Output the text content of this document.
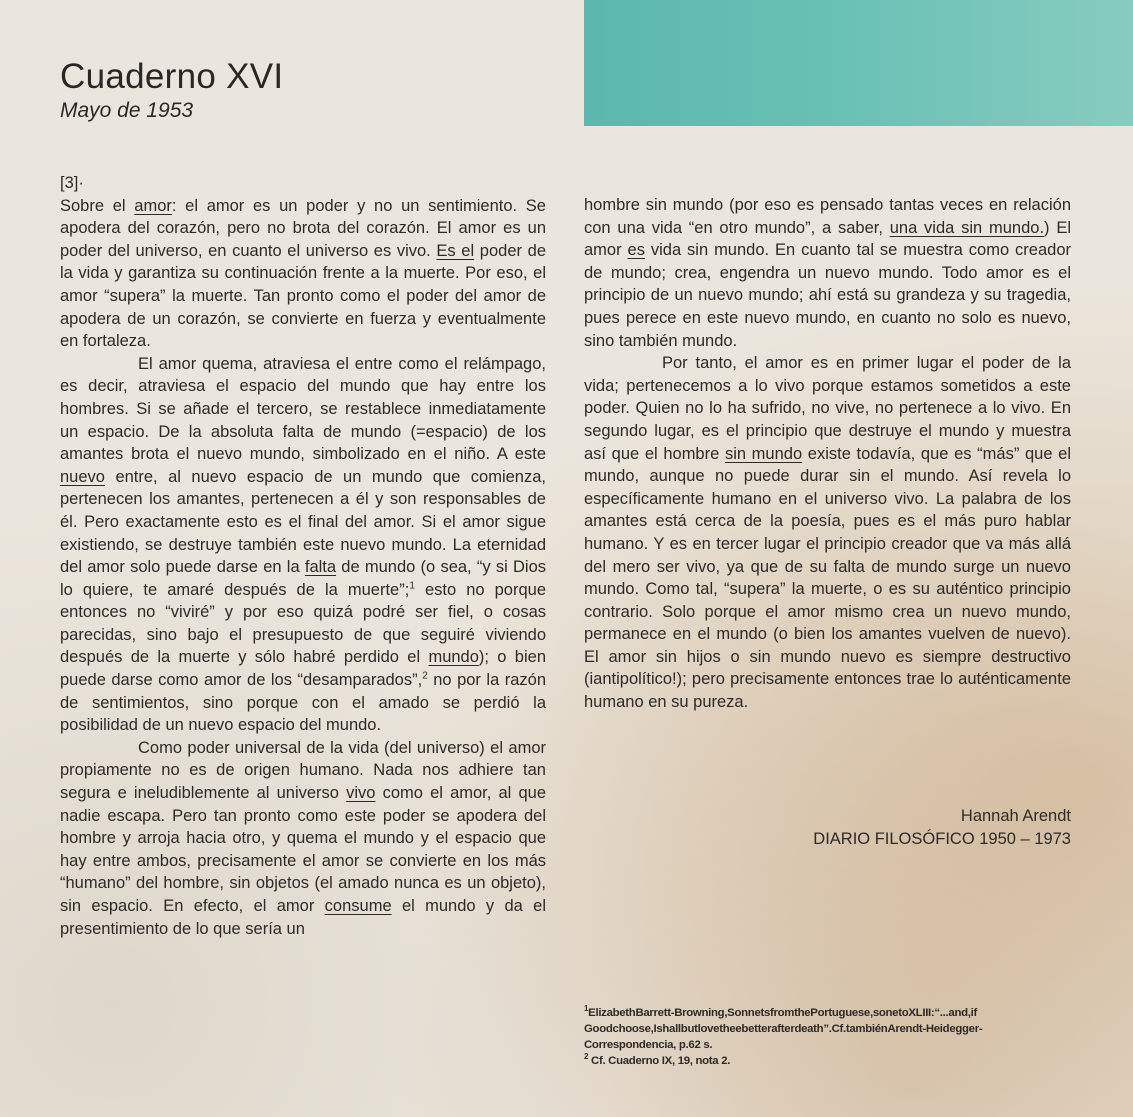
Cuaderno XVI
Mayo de 1953
[3]·

Sobre el amor: el amor es un poder y no un sentimiento. Se apodera del corazón, pero no brota del corazón. El amor es un poder del universo, en cuanto el universo es vivo. Es el poder de la vida y garantiza su continuación frente a la muerte. Por eso, el amor “supera” la muerte. Tan pronto como el poder del amor de apodera de un corazón, se convierte en fuerza y eventualmente en fortaleza.

El amor quema, atraviesa el entre como el relámpago, es decir, atraviesa el espacio del mundo que hay entre los hombres. Si se añade el tercero, se restablece inmediatamente un espacio. De la absoluta falta de mundo (=espacio) de los amantes brota el nuevo mundo, simbolizado en el niño. A este nuevo entre, al nuevo espacio de un mundo que comienza, pertenecen los amantes, pertenecen a él y son responsables de él. Pero exactamente esto es el final del amor. Si el amor sigue existiendo, se destruye también este nuevo mundo. La eternidad del amor solo puede darse en la falta de mundo (o sea, “y si Dios lo quiere, te amaré después de la muerte”;$^1$ esto no porque entonces no “viviré” y por eso quizá podré ser fiel, o cosas parecidas, sino bajo el presupuesto de que seguiré viviendo después de la muerte y sólo habré perdido el mundo); o bien puede darse como amor de los “desamparados”,$^2$ no por la razón de sentimientos, sino porque con el amado se perdió la posibilidad de un nuevo espacio del mundo.

Como poder universal de la vida (del universo) el amor propiamente no es de origen humano. Nada nos adhiere tan segura e ineludiblemente al universo vivo como el amor, al que nadie escapa. Pero tan pronto como este poder se apodera del hombre y arroja hacia otro, y quema el mundo y el espacio que hay entre ambos, precisamente el amor se convierte en los más “humano” del hombre, sin objetos (el amado nunca es un objeto), sin espacio. En efecto, el amor consume el mundo y da el presentimiento de lo que sería un

hombre sin mundo (por eso es pensado tantas veces en relación con una vida “en otro mundo”, a saber, una vida sin mundo.) El amor es vida sin mundo. En cuanto tal se muestra como creador de mundo; crea, engendra un nuevo mundo. Todo amor es el principio de un nuevo mundo; ahí está su grandeza y su tragedia, pues perece en este nuevo mundo, en cuanto no solo es nuevo, sino también mundo.

Por tanto, el amor es en primer lugar el poder de la vida; pertenecemos a lo vivo porque estamos sometidos a este poder. Quien no lo ha sufrido, no vive, no pertenece a lo vivo. En segundo lugar, es el principio que destruye el mundo y muestra así que el hombre sin mundo existe todavía, que es “más” que el mundo, aunque no puede durar sin el mundo. Así revela lo específicamente humano en el universo vivo. La palabra de los amantes está cerca de la poesía, pues es el más puro hablar humano. Y es en tercer lugar el principio creador que va más allá del mero ser vivo, ya que de su falta de mundo surge un nuevo mundo. Como tal, “supera” la muerte, o es su auténtico principio contrario. Solo porque el amor mismo crea un nuevo mundo, permanece en el mundo (o bien los amantes vuelven de nuevo). El amor sin hijos o sin mundo nuevo es siempre destructivo (iantipolítico!); pero precisamente entonces trae lo auténticamente humano en su pureza.

Hannah Arendt
DIARIO FILOSÓFICO 1950 – 1973

$^1$ElizabethBarrett-Browning,SonnetsfromthePortuguese,sonetoXLIII:“...and,if Goodchoose,Ishallbutlovetheebetterafterdeath”.Cf.tambiénArendt-Heidegger-Correspondencia, p.62 s.

$^2$ Cf. Cuaderno IX, 19, nota 2.
